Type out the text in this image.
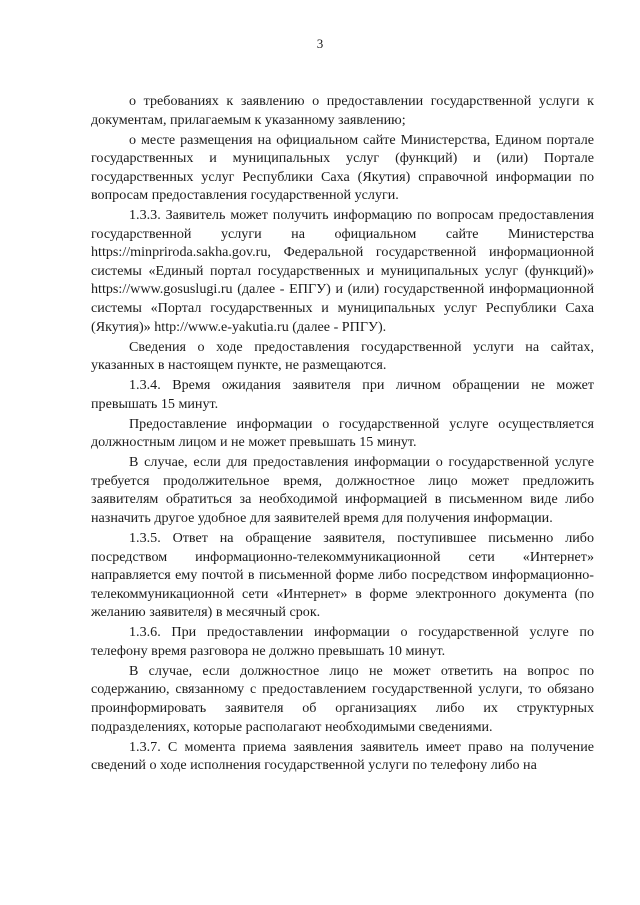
3

о требованиях к заявлению о предоставлении государственной услуги к документам, прилагаемым к указанному заявлению;

о месте размещения на официальном сайте Министерства, Едином портале государственных и муниципальных услуг (функций) и (или) Портале государственных услуг Республики Саха (Якутия) справочной информации по вопросам предоставления государственной услуги.

1.3.3. Заявитель может получить информацию по вопросам предоставления государственной услуги на официальном сайте Министерства https://minpriroda.sakha.gov.ru, Федеральной государственной информационной системы «Единый портал государственных и муниципальных услуг (функций)» https://www.gosuslugi.ru (далее - ЕПГУ) и (или) государственной информационной системы «Портал государственных и муниципальных услуг Республики Саха (Якутия)» http://www.e-yakutia.ru (далее - РПГУ).

Сведения о ходе предоставления государственной услуги на сайтах, указанных в настоящем пункте, не размещаются.

1.3.4. Время ожидания заявителя при личном обращении не может превышать 15 минут.

Предоставление информации о государственной услуге осуществляется должностным лицом и не может превышать 15 минут.

В случае, если для предоставления информации о государственной услуге требуется продолжительное время, должностное лицо может предложить заявителям обратиться за необходимой информацией в письменном виде либо назначить другое удобное для заявителей время для получения информации.

1.3.5. Ответ на обращение заявителя, поступившее письменно либо посредством информационно-телекоммуникационной сети «Интернет» направляется ему почтой в письменной форме либо посредством информационно-телекоммуникационной сети «Интернет» в форме электронного документа (по желанию заявителя) в месячный срок.

1.3.6. При предоставлении информации о государственной услуге по телефону время разговора не должно превышать 10 минут.

В случае, если должностное лицо не может ответить на вопрос по содержанию, связанному с предоставлением государственной услуги, то обязано проинформировать заявителя об организациях либо их структурных подразделениях, которые располагают необходимыми сведениями.

1.3.7. С момента приема заявления заявитель имеет право на получение сведений о ходе исполнения государственной услуги по телефону либо на
